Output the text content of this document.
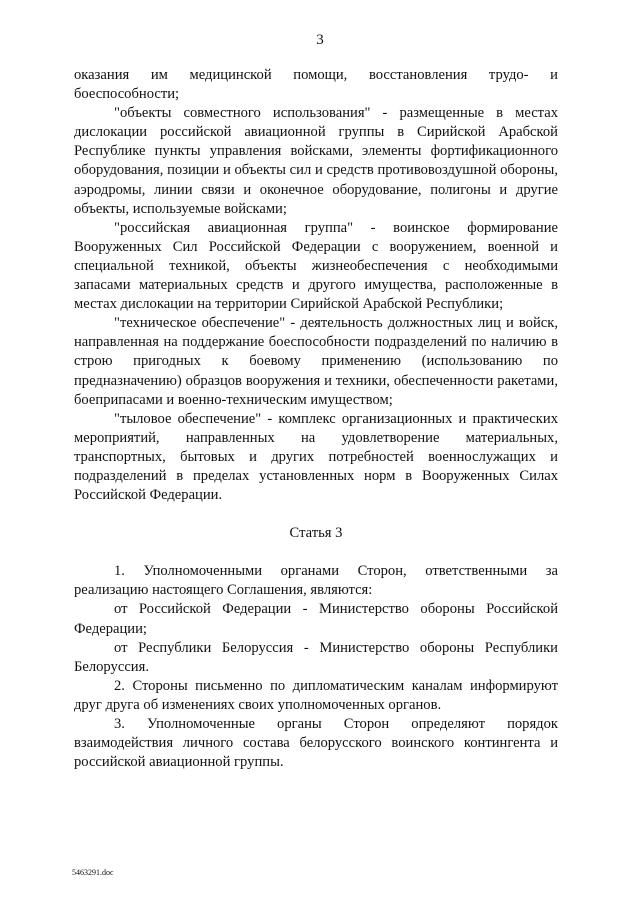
3

оказания им медицинской помощи, восстановления трудо- и боеспособности;

"объекты совместного использования" - размещенные в местах дислокации российской авиационной группы в Сирийской Арабской Республике пункты управления войсками, элементы фортификационного оборудования, позиции и объекты сил и средств противовоздушной обороны, аэродромы, линии связи и оконечное оборудование, полигоны и другие объекты, используемые войсками;

"российская авиационная группа" - воинское формирование Вооруженных Сил Российской Федерации с вооружением, военной и специальной техникой, объекты жизнеобеспечения с необходимыми запасами материальных средств и другого имущества, расположенные в местах дислокации на территории Сирийской Арабской Республики;

"техническое обеспечение" - деятельность должностных лиц и войск, направленная на поддержание боеспособности подразделений по наличию в строю пригодных к боевому применению (использованию по предназначению) образцов вооружения и техники, обеспеченности ракетами, боеприпасами и военно-техническим имуществом;

"тыловое обеспечение" - комплекс организационных и практических мероприятий, направленных на удовлетворение материальных, транспортных, бытовых и других потребностей военнослужащих и подразделений в пределах установленных норм в Вооруженных Силах Российской Федерации.

Статья 3

1. Уполномоченными органами Сторон, ответственными за реализацию настоящего Соглашения, являются:

от Российской Федерации - Министерство обороны Российской Федерации;

от Республики Белоруссия - Министерство обороны Республики Белоруссия.

2. Стороны письменно по дипломатическим каналам информируют друг друга об изменениях своих уполномоченных органов.

3. Уполномоченные органы Сторон определяют порядок взаимодействия личного состава белорусского воинского контингента и российской авиационной группы.

5463291.doc
